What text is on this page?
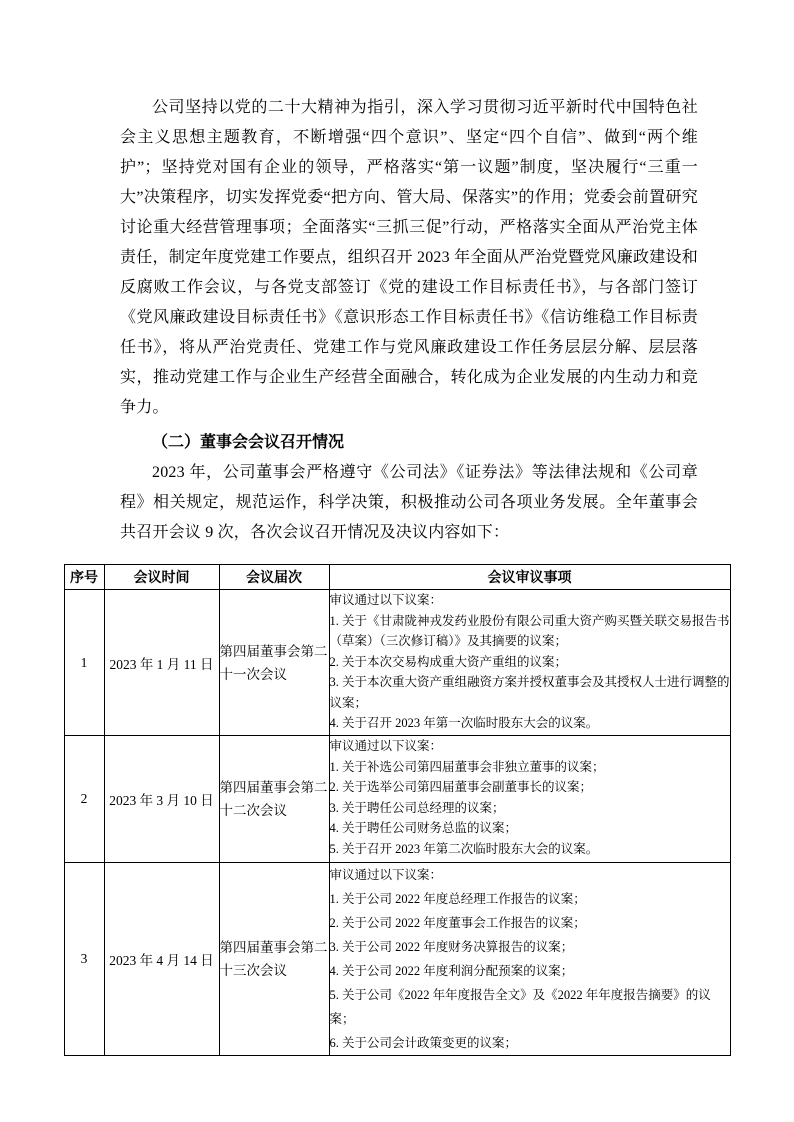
公司坚持以党的二十大精神为指引，深入学习贯彻习近平新时代中国特色社会主义思想主题教育，不断增强“四个意识”、坚定“四个自信”、做到“两个维护”；坚持党对国有企业的领导，严格落实“第一议题”制度，坚决履行“三重一大”决策程序，切实发挥党委“把方向、管大局、保落实”的作用；党委会前置研究讨论重大经营管理事项；全面落实“三抓三促”行动，严格落实全面从严治党主体责任，制定年度党建工作要点，组织召开 2023 年全面从严治党暨党风廉政建设和反腐败工作会议，与各党支部签订《党的建设工作目标责任书》，与各部门签订《党风廉政建设目标责任书》《意识形态工作目标责任书》《信访维稳工作目标责任书》，将从严治党责任、党建工作与党风廉政建设工作任务层层分解、层层落实，推动党建工作与企业生产经营全面融合，转化成为企业发展的内生动力和竞争力。

（二）董事会会议召开情况

2023 年，公司董事会严格遵守《公司法》《证券法》等法律法规和《公司章程》相关规定，规范运作，科学决策，积极推动公司各项业务发展。全年董事会共召开会议 9 次，各次会议召开情况及决议内容如下：

序号	会议时间	会议届次	会议审议事项
1	2023 年 1 月 11 日	第四届董事会第二十一次会议	审议通过以下议案：
1. 关于《甘肃陇神戎发药业股份有限公司重大资产购买暨关联交易报告书（草案）（三次修订稿）》及其摘要的议案；
2. 关于本次交易构成重大资产重组的议案；
3. 关于本次重大资产重组融资方案并授权董事会及其授权人士进行调整的议案；
4. 关于召开 2023 年第一次临时股东大会的议案。

2	2023 年 3 月 10 日	第四届董事会第二十二次会议	
审议通过以下议案：
1. 关于补选公司第四届董事会非独立董事的议案；
2. 关于选举公司第四届董事会副董事长的议案；
3. 关于聘任公司总经理的议案；
4. 关于聘任公司财务总监的议案；
5. 关于召开 2023 年第二次临时股东大会的议案。

3	2023 年 4 月 14 日	第四届董事会第二十三次会议	
审议通过以下议案：
1. 关于公司 2022 年度总经理工作报告的议案；
2. 关于公司 2022 年度董事会工作报告的议案；
3. 关于公司 2022 年度财务决算报告的议案；
4. 关于公司 2022 年度利润分配预案的议案；
5. 关于公司《2022 年年度报告全文》及《2022 年年度报告摘要》的议案；
6. 关于公司会计政策变更的议案；
